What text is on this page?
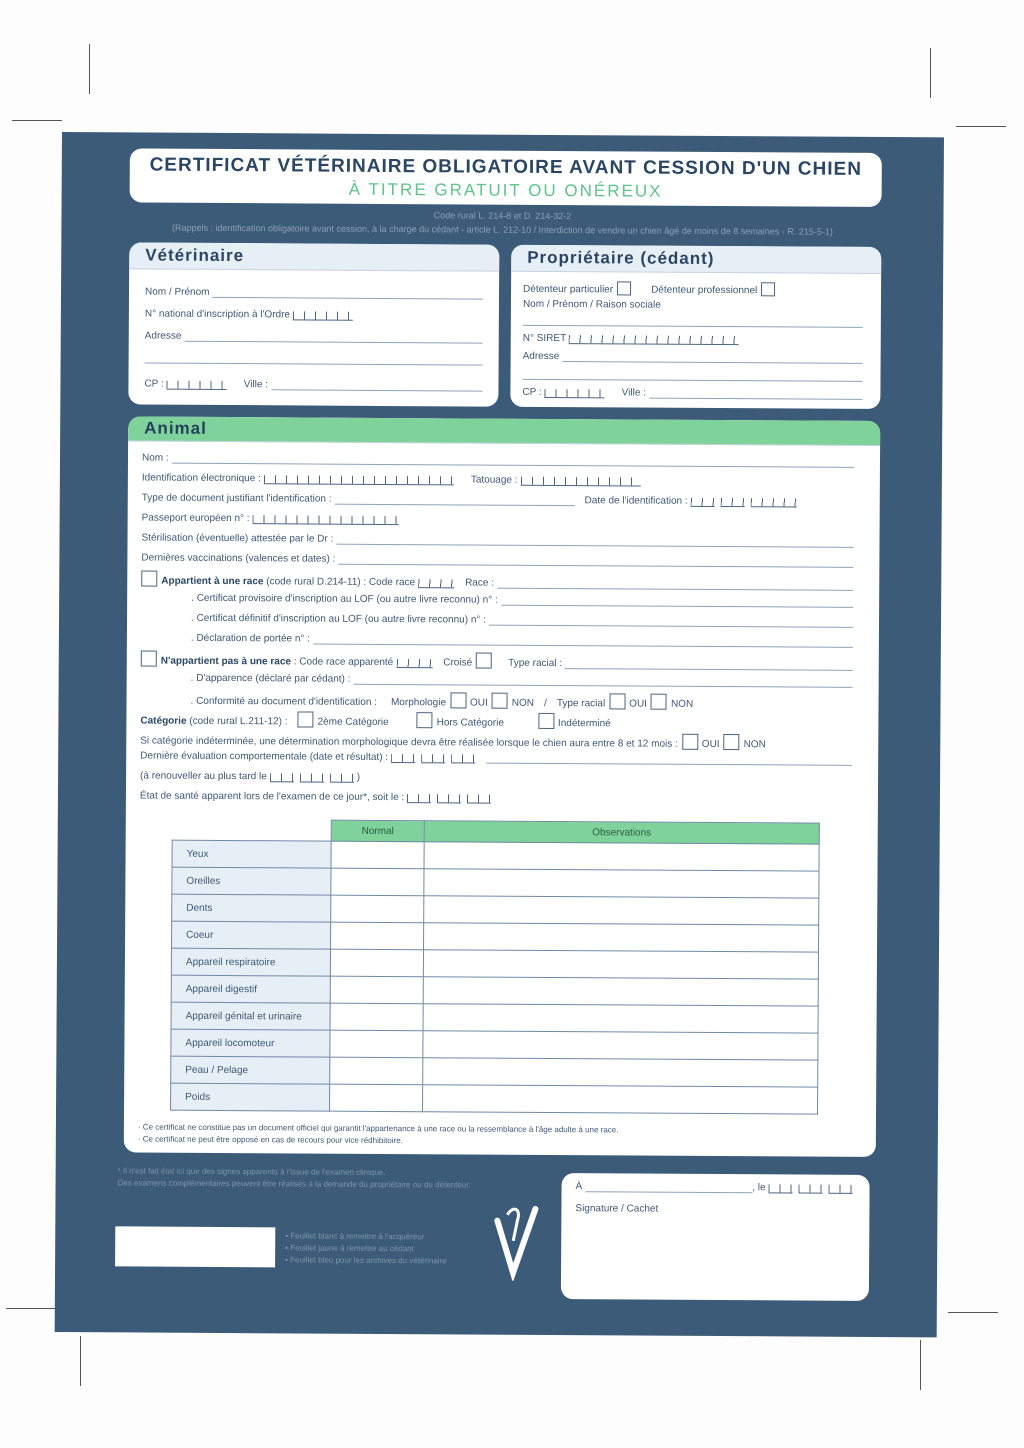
CERTIFICAT VÉTÉRINAIRE OBLIGATOIRE AVANT CESSION D'UN CHIEN
À TITRE GRATUIT OU ONÉREUX
Code rural L. 214-8 et D. 214-32-2
(Rappels : identification obligatoire avant cession, à la charge du cédant - article L. 212-10 / Interdiction de vendre un chien âgé de moins de 8 semaines - R. 215-5-1)
Vétérinaire
Nom / Prénom
N° national d'inscription à l'Ordre
Adresse
CP :	Ville :
Propriétaire (cédant)
Détenteur particulier	Détenteur professionnel
Nom / Prénom / Raison sociale
N° SIRET
Adresse
CP :	Ville :
Animal
Nom :
Identification électronique :	Tatouage :
Type de document justifiant l'identification :	Date de l'identification :
Passeport européen n° :
Stérilisation (éventuelle) attestée par le Dr :
Dernières vaccinations (valences et dates) :
Appartient à une race
(code rural D.214-11) :
Code race	Race :
. Certificat provisoire d'inscription au LOF (ou autre livre reconnu) n° :
. Certificat définitif d'inscription au LOF (ou autre livre reconnu) n° :
. Déclaration de portée n° :
N'appartient pas à une race
: Code race apparenté	Croisé	Type racial :
. D'apparence (déclaré par cédant) :
. Conformité au document d'identification : Morphologie OUI NON / Type racial OUI NON
Catégorie
(code rural L.211-12) :	2ème Catégorie	Hors Catégorie	Indéterminé
Si catégorie indéterminée, une détermination morphologique devra être réalisée lorsque le chien aura entre 8 et 12 mois : OUI NON
Dernière évaluation comportementale (date et résultat) :
(à renouveller au plus tard le	)
État de santé apparent lors de l'examen de ce jour*, soit le :
	Normal	Observations
Yeux		
Oreilles		
Dents		
Coeur		
Appareil respiratoire		
Appareil digestif		
Appareil génital et urinaire		
Appareil locomoteur		
Peau / Pelage		
Poids		
· Ce certificat ne constitue pas un document officiel qui garantit l'appartenance à une race ou la ressemblance à l'âge adulte à une race.
· Ce certificat ne peut être opposé en cas de recours pour vice rédhibitoire.
* Il n'est fait état ici que des signes apparents à l'issue de l'examen clinique.
Des examens complémentaires peuvent être réalisés à la demande du propriétaire ou du détenteur.
• Feuillet blanc à remettre à l'acquéreur
• Feuillet jaune à remettre au cédant
• Feuillet bleu pour les archives du vétérinaire
À	, le
Signature / Cachet
